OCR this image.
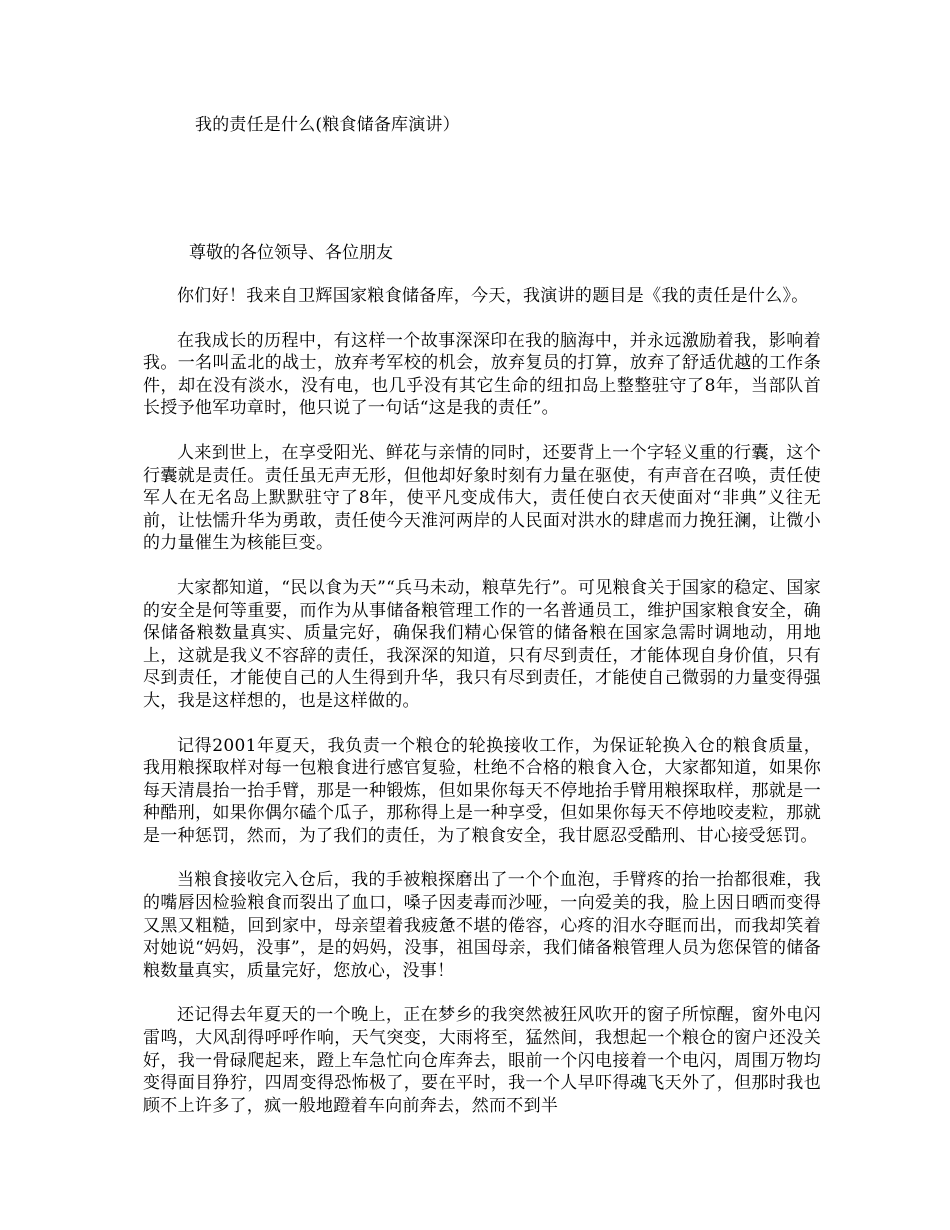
我的责任是什么(粮食储备库演讲）
尊敬的各位领导、各位朋友

你们好！我来自卫辉国家粮食储备库，今天，我演讲的题目是《我的责任是什么》。

在我成长的历程中，有这样一个故事深深印在我的脑海中，并永远激励着我，影响着我。一名叫孟北的战士，放弃考军校的机会，放弃复员的打算，放弃了舒适优越的工作条件，却在没有淡水，没有电，也几乎没有其它生命的纽扣岛上整整驻守了8年，当部队首长授予他军功章时，他只说了一句话“这是我的责任”。

人来到世上，在享受阳光、鲜花与亲情的同时，还要背上一个字轻义重的行囊，这个行囊就是责任。责任虽无声无形，但他却好象时刻有力量在驱使，有声音在召唤，责任使军人在无名岛上默默驻守了8年，使平凡变成伟大，责任使白衣天使面对“非典”义往无前，让怯懦升华为勇敢，责任使今天淮河两岸的人民面对洪水的肆虐而力挽狂澜，让微小的力量催生为核能巨变。

大家都知道，“民以食为天”“兵马未动，粮草先行”。可见粮食关于国家的稳定、国家的安全是何等重要，而作为从事储备粮管理工作的一名普通员工，维护国家粮食安全，确保储备粮数量真实、质量完好，确保我们精心保管的储备粮在国家急需时调地动，用地上，这就是我义不容辞的责任，我深深的知道，只有尽到责任，才能体现自身价值，只有尽到责任，才能使自己的人生得到升华，我只有尽到责任，才能使自己微弱的力量变得强大，我是这样想的，也是这样做的。

记得2001年夏天，我负责一个粮仓的轮换接收工作，为保证轮换入仓的粮食质量，我用粮探取样对每一包粮食进行感官复验，杜绝不合格的粮食入仓，大家都知道，如果你每天清晨抬一抬手臂，那是一种锻炼，但如果你每天不停地抬手臂用粮探取样，那就是一种酷刑，如果你偶尔磕个瓜子，那称得上是一种享受，但如果你每天不停地咬麦粒，那就是一种惩罚，然而，为了我们的责任，为了粮食安全，我甘愿忍受酷刑、甘心接受惩罚。

当粮食接收完入仓后，我的手被粮探磨出了一个个血泡，手臂疼的抬一抬都很难，我的嘴唇因检验粮食而裂出了血口，嗓子因麦毒而沙哑，一向爱美的我，脸上因日晒而变得又黑又粗糙，回到家中，母亲望着我疲惫不堪的倦容，心疼的泪水夺眶而出，而我却笑着对她说“妈妈，没事”，是的妈妈，没事，祖国母亲，我们储备粮管理人员为您保管的储备粮数量真实，质量完好，您放心，没事！

还记得去年夏天的一个晚上，正在梦乡的我突然被狂风吹开的窗子所惊醒，窗外电闪雷鸣，大风刮得呼呼作响，天气突变，大雨将至，猛然间，我想起一个粮仓的窗户还没关好，我一骨碌爬起来，蹬上车急忙向仓库奔去，眼前一个闪电接着一个电闪，周围万物均变得面目狰狞，四周变得恐怖极了，要在平时，我一个人早吓得魂飞天外了，但那时我也顾不上许多了，疯一般地蹬着车向前奔去，然而不到半
